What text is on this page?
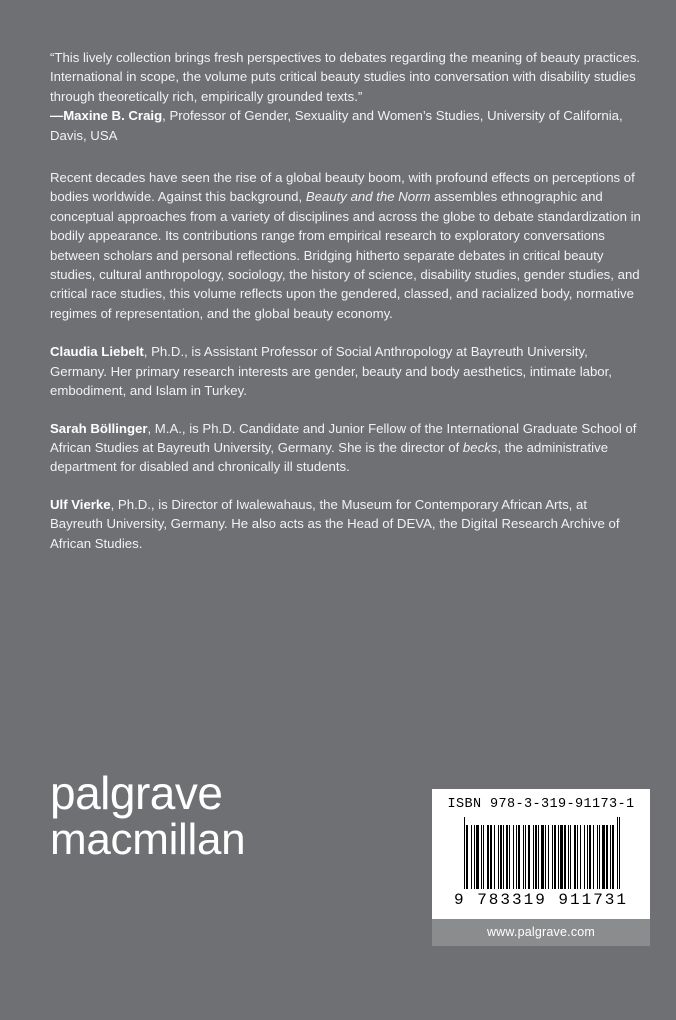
“This lively collection brings fresh perspectives to debates regarding the meaning of beauty practices. International in scope, the volume puts critical beauty studies into conversation with disability studies through theoretically rich, empirically grounded texts.”
—Maxine B. Craig, Professor of Gender, Sexuality and Women’s Studies, University of California, Davis, USA

Recent decades have seen the rise of a global beauty boom, with profound effects on perceptions of bodies worldwide. Against this background, Beauty and the Norm assembles ethnographic and conceptual approaches from a variety of disciplines and across the globe to debate standardization in bodily appearance. Its contributions range from empirical research to exploratory conversations between scholars and personal reflections. Bridging hitherto separate debates in critical beauty studies, cultural anthropology, sociology, the history of science, disability studies, gender studies, and critical race studies, this volume reflects upon the gendered, classed, and racialized body, normative regimes of representation, and the global beauty economy.

Claudia Liebelt, Ph.D., is Assistant Professor of Social Anthropology at Bayreuth University, Germany. Her primary research interests are gender, beauty and body aesthetics, intimate labor, embodiment, and Islam in Turkey.

Sarah Böllinger, M.A., is Ph.D. Candidate and Junior Fellow of the International Graduate School of African Studies at Bayreuth University, Germany. She is the director of becks, the administrative department for disabled and chronically ill students.

Ulf Vierke, Ph.D., is Director of Iwalewahaus, the Museum for Contemporary African Arts, at Bayreuth University, Germany. He also acts as the Head of DEVA, the Digital Research Archive of African Studies.

palgrave
macmillan
ISBN 978-3-319-91173-1
9 783319 911731
www.palgrave.com
